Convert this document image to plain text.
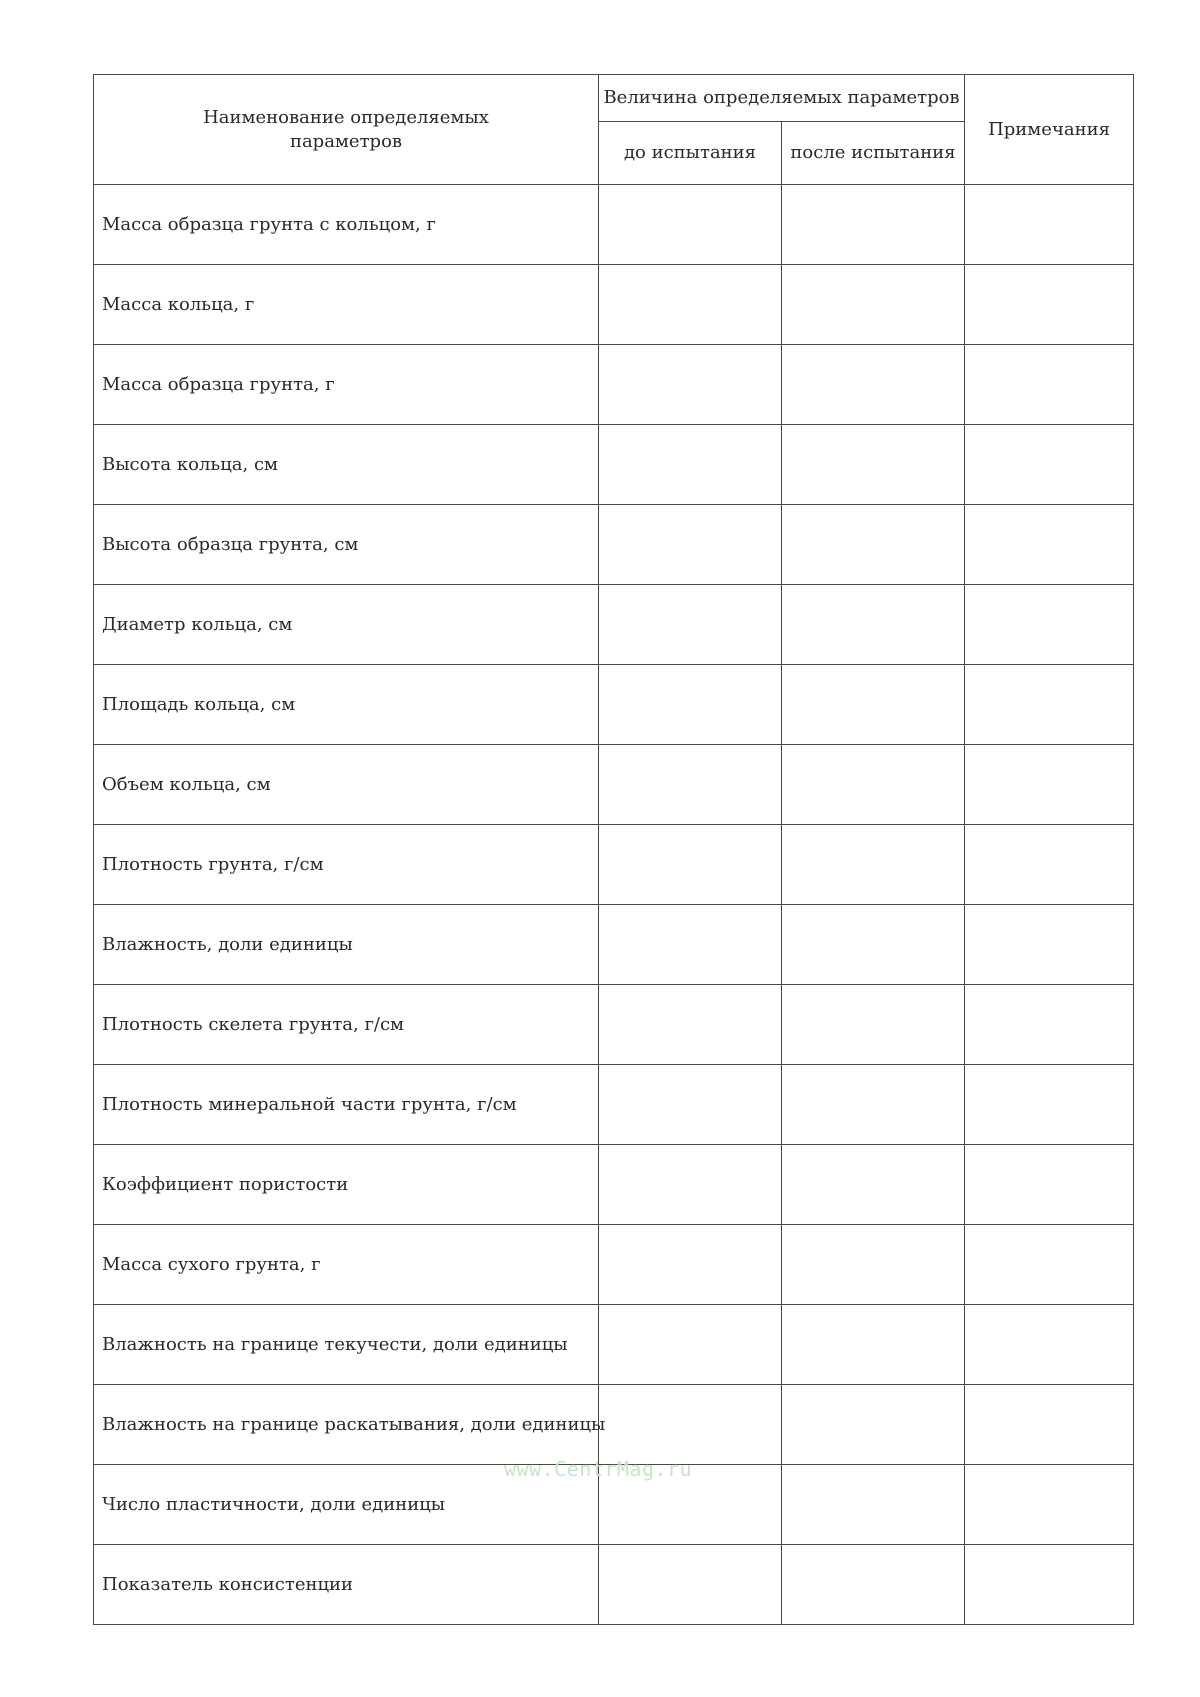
Наименование определяемых параметров	Величина определяемых параметров		Примечания
	до испытания	после испытания	
Масса образца грунта с кольцом, г			
Масса кольца, г			
Масса образца грунта, г			
Высота кольца, см			
Высота образца грунта, см			
Диаметр кольца, см			
Площадь кольца, см			
Объем кольца, см			
Плотность грунта, г/см			
Влажность, доли единицы			
Плотность скелета грунта, г/см			
Плотность минеральной части грунта, г/см			
Коэффициент пористости			
Масса сухого грунта, г			
Влажность на границе текучести, доли единицы			
Влажность на границе раскатывания, доли единицы			
Число пластичности, доли единицы			
Показатель консистенции			
www.CentrMag.ru
